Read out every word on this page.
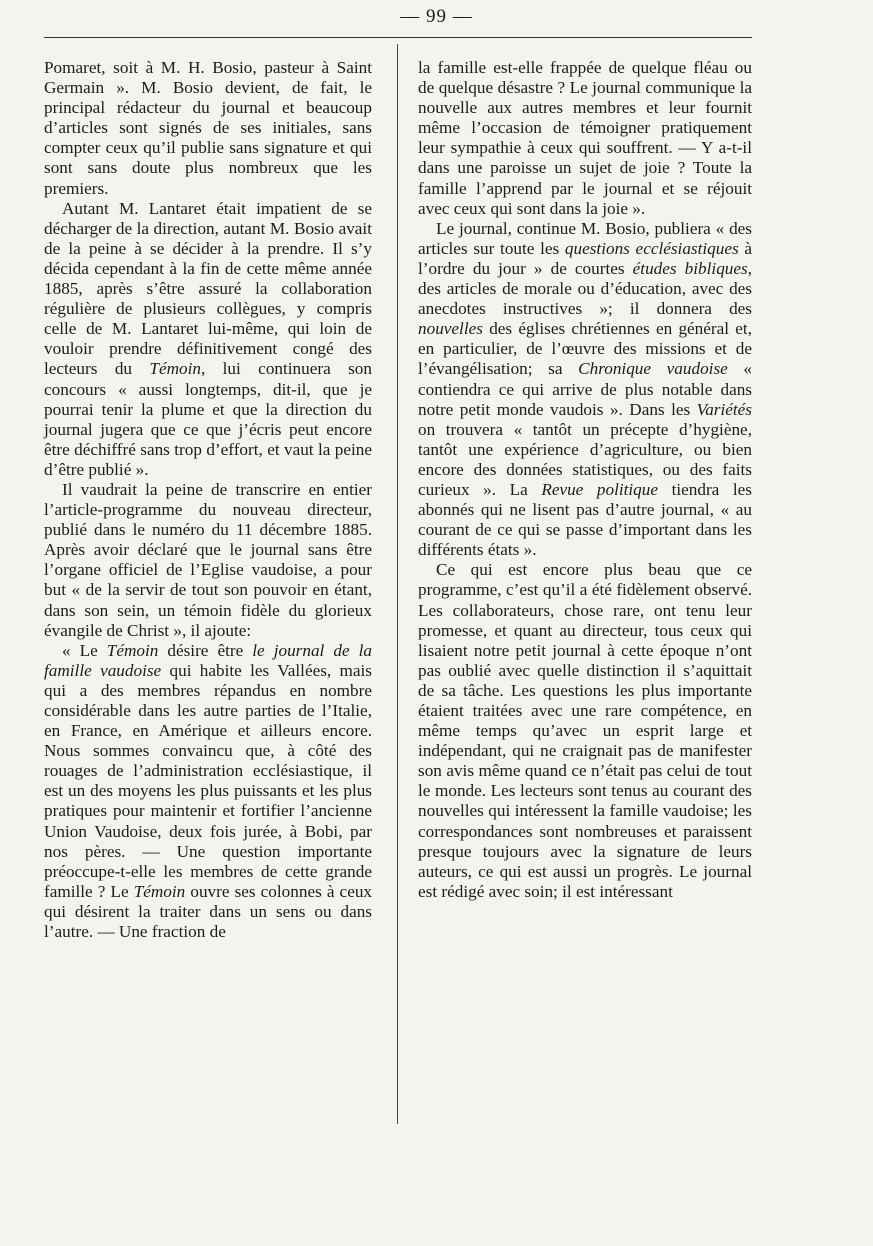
— 99 —

Pomaret, soit à M. H. Bosio, pasteur à Saint Germain ». M. Bosio devient, de fait, le principal rédacteur du journal et beaucoup d’articles sont signés de ses initiales, sans compter ceux qu’il publie sans signature et qui sont sans doute plus nombreux que les premiers.

Autant M. Lantaret était impatient de se décharger de la direction, autant M. Bosio avait de la peine à se décider à la prendre. Il s’y décida cependant à la fin de cette même année 1885, après s’être assuré la collaboration régulière de plusieurs collègues, y compris celle de M. Lantaret lui-même, qui loin de vouloir prendre définitivement congé des lecteurs du Témoin, lui continuera son concours « aussi longtemps, dit-il, que je pourrai tenir la plume et que la direction du journal jugera que ce que j’écris peut encore être déchiffré sans trop d’effort, et vaut la peine d’être publié ».

Il vaudrait la peine de transcrire en entier l’article-programme du nouveau directeur, publié dans le numéro du 11 décembre 1885. Après avoir déclaré que le journal sans être l’organe officiel de l’Eglise vaudoise, a pour but « de la servir de tout son pouvoir en étant, dans son sein, un témoin fidèle du glorieux évangile de Christ », il ajoute:

« Le Témoin désire être le journal de la famille vaudoise qui habite les Vallées, mais qui a des membres répandus en nombre considérable dans les autre parties de l’Italie, en France, en Amérique et ailleurs encore. Nous sommes convaincu que, à côté des rouages de l’administration ecclésiastique, il est un des moyens les plus puissants et les plus pratiques pour maintenir et fortifier l’ancienne Union Vaudoise, deux fois jurée, à Bobi, par nos pères. — Une question importante préoccupe-t-elle les membres de cette grande famille ? Le Témoin ouvre ses colonnes à ceux qui désirent la traiter dans un sens ou dans l’autre. — Une fraction de

la famille est-elle frappée de quelque fléau ou de quelque désastre ? Le journal communique la nouvelle aux autres membres et leur fournit même l’occasion de témoigner pratiquement leur sympathie à ceux qui souffrent. — Y a-t-il dans une paroisse un sujet de joie ? Toute la famille l’apprend par le journal et se réjouit avec ceux qui sont dans la joie ».

Le journal, continue M. Bosio, publiera « des articles sur toute les questions ecclésiastiques à l’ordre du jour » de courtes études bibliques, des articles de morale ou d’éducation, avec des anecdotes instructives »; il donnera des nouvelles des églises chrétiennes en général et, en particulier, de l’œuvre des missions et de l’évangélisation; sa Chronique vaudoise « contiendra ce qui arrive de plus notable dans notre petit monde vaudois ». Dans les Variétés on trouvera « tantôt un précepte d’hygiène, tantôt une expérience d’agriculture, ou bien encore des données statistiques, ou des faits curieux ». La Revue politique tiendra les abonnés qui ne lisent pas d’autre journal, « au courant de ce qui se passe d’important dans les différents états ».

Ce qui est encore plus beau que ce programme, c’est qu’il a été fidèlement observé. Les collaborateurs, chose rare, ont tenu leur promesse, et quant au directeur, tous ceux qui lisaient notre petit journal à cette époque n’ont pas oublié avec quelle distinction il s’aquittait de sa tâche. Les questions les plus importante étaient traitées avec une rare compétence, en même temps qu’avec un esprit large et indépendant, qui ne craignait pas de manifester son avis même quand ce n’était pas celui de tout le monde. Les lecteurs sont tenus au courant des nouvelles qui intéressent la famille vaudoise; les correspondances sont nombreuses et paraissent presque toujours avec la signature de leurs auteurs, ce qui est aussi un progrès. Le journal est rédigé avec soin; il est intéressant
